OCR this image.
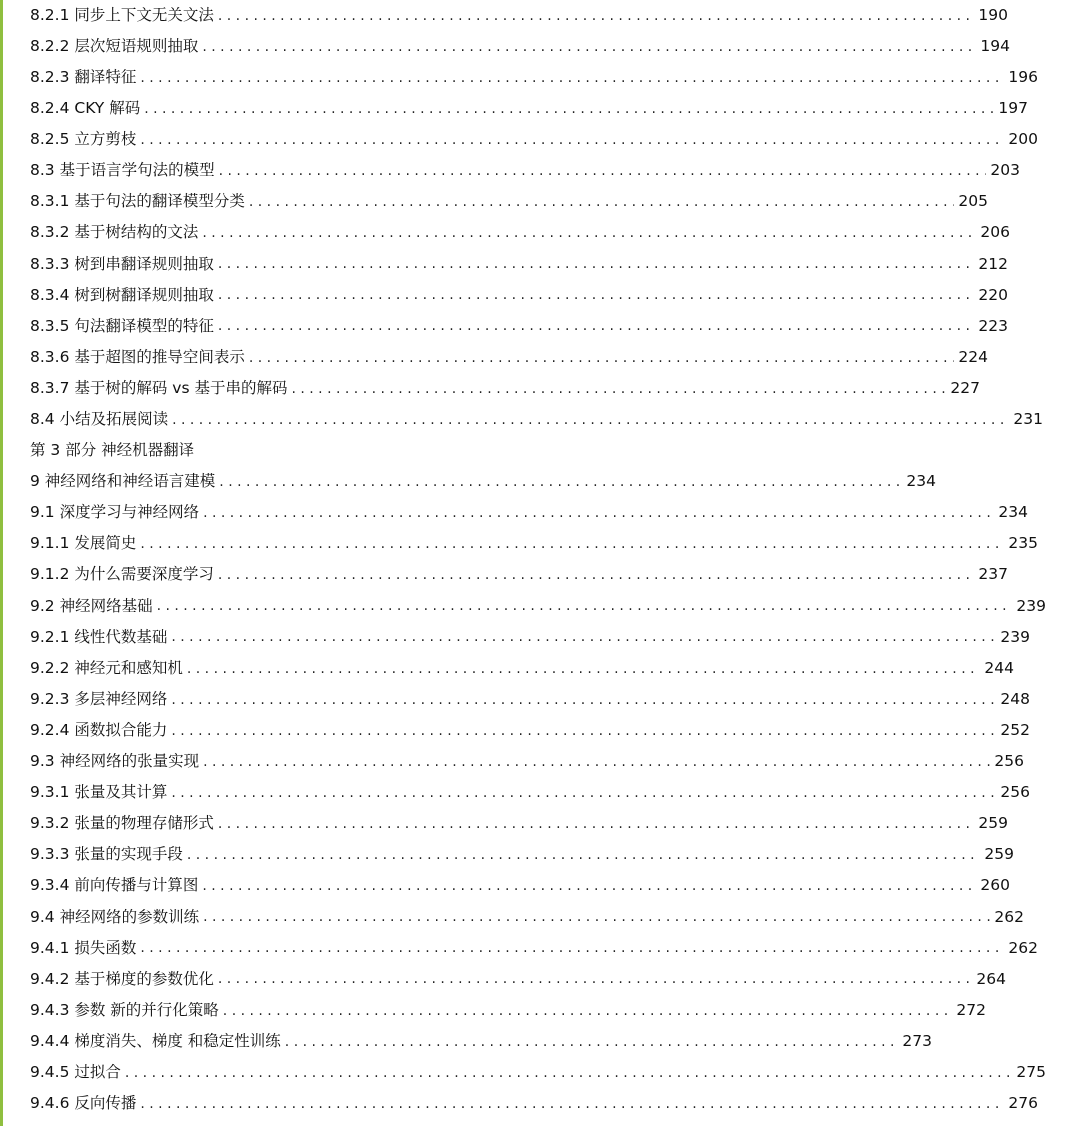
8.2.1 同步上下文无关文法 . . .	190
8.2.2 层次短语规则抽取 . . .	194
8.2.3 翻译特征 . . .	196
8.2.4 CKY 解码 . . .	197
8.2.5 立方剪枝 . . .	200
8.3 基于语言学句法的模型 . . .	203
8.3.1 基于句法的翻译模型分类 . . .	205
8.3.2 基于树结构的文法 . . .	206
8.3.3 树到串翻译规则抽取 . . .	212
8.3.4 树到树翻译规则抽取 . . .	220
8.3.5 句法翻译模型的特征 . . .	223
8.3.6 基于超图的推导空间表示 . . .	224
8.3.7 基于树的解码 vs 基于串的解码 . . .	227
8.4 小结及拓展阅读 . . .	231
第 3 部分 神经机器翻译
9 神经网络和神经语言建模 . . .	234
9.1 深度学习与神经网络 . . .	234
9.1.1 发展简史 . . .	235
9.1.2 为什么需要深度学习 . . .	237
9.2 神经网络基础 . . .	239
9.2.1 线性代数基础 . . .	239
9.2.2 神经元和感知机 . . .	244
9.2.3 多层神经网络 . . .	248
9.2.4 函数拟合能力 . . .	252
9.3 神经网络的张量实现 . . .	256
9.3.1 张量及其计算 . . .	256
9.3.2 张量的物理存储形式 . . .	259
9.3.3 张量的实现手段 . . .	259
9.3.4 前向传播与计算图 . . .	260
9.4 神经网络的参数训练 . . .	262
9.4.1 损失函数 . . .	262
9.4.2 基于梯度的参数优化 . . .	264
9.4.3 参数 新的并行化策略 . . .	272
9.4.4 梯度消失、梯度 和稳定性训练 . . .	273
9.4.5 过拟合 . . .	275
9.4.6 反向传播 . . .	276
